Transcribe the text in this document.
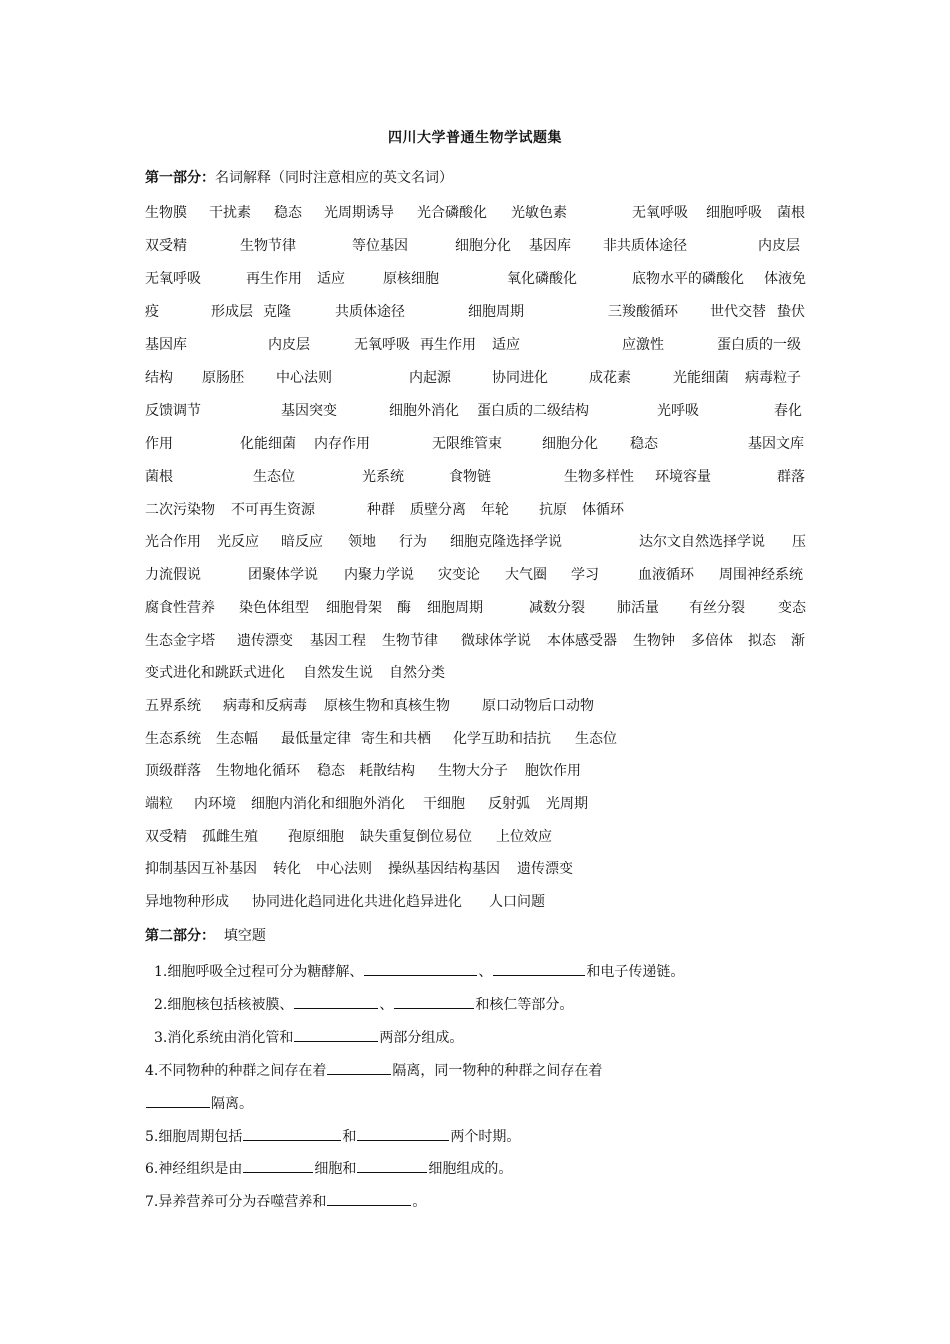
四川大学普通生物学试题集
第一部分：名词解释（同时注意相应的英文名词）
生物膜 干扰素 稳态 光周期诱导 光合磷酸化 光敏色素	无氧呼吸 细胞呼吸 菌根
双受精	生物节律	等位基因	细胞分化 基因库 非共质体途径	内皮层
无氧呼吸	再生作用 适应	原核细胞	氧化磷酸化	底物水平的磷酸化 体液免
疫	形成层 克隆	共质体途径	细胞周期	三羧酸循环 世代交替 蛰伏
基因库	内皮层	无氧呼吸 再生作用 适应	应激性	蛋白质的一级
结构 原肠胚 中心法则	内起源	协同进化	成花素	光能细菌 病毒粒子
反馈调节	基因突变	细胞外消化 蛋白质的二级结构	光呼吸	春化
作用	化能细菌 内存作用	无限维管束	细胞分化 稳态	基因文库
菌根	生态位	光系统	食物链	生物多样性 环境容量	群落
二次污染物 不可再生资源	种群 质壁分离 年轮 抗原 体循环
光合作用 光反应 暗反应 领地 行为 细胞克隆选择学说	达尔文自然选择学说 压
力流假说	团聚体学说 内聚力学说 灾变论 大气圈 学习	血液循环 周围神经系统
腐食性营养 染色体组型 细胞骨架 酶 细胞周期	减数分裂 肺活量 有丝分裂 变态
生态金字塔 遗传漂变 基因工程 生物节律 微球体学说 本体感受器 生物钟 多倍体 拟态 渐
变式进化和跳跃式进化 自然发生说 自然分类
五界系统 病毒和反病毒 原核生物和真核生物 原口动物后口动物
生态系统 生态幅 最低量定律 寄生和共栖 化学互助和拮抗 生态位
顶级群落 生物地化循环 稳态 耗散结构 生物大分子 胞饮作用
端粒 内环境 细胞内消化和细胞外消化 干细胞 反射弧 光周期
双受精 孤雌生殖 孢原细胞 缺失重复倒位易位 上位效应
抑制基因互补基因 转化 中心法则 操纵基因结构基因 遗传漂变
异地物种形成 协同进化趋同进化共进化趋异进化 人口问题
第二部分： 填空题
1.细胞呼吸全过程可分为糖酵解、	、	和电子传递链。
2.细胞核包括核被膜、	、	和核仁等部分。
3.消化系统由消化管和	两部分组成。
4.不同物种的种群之间存在着	隔离，同一物种的种群之间存在着
隔离。
5.细胞周期包括	和	两个时期。
6.神经组织是由	细胞和	细胞组成的。
7.异养营养可分为吞噬营养和	。
